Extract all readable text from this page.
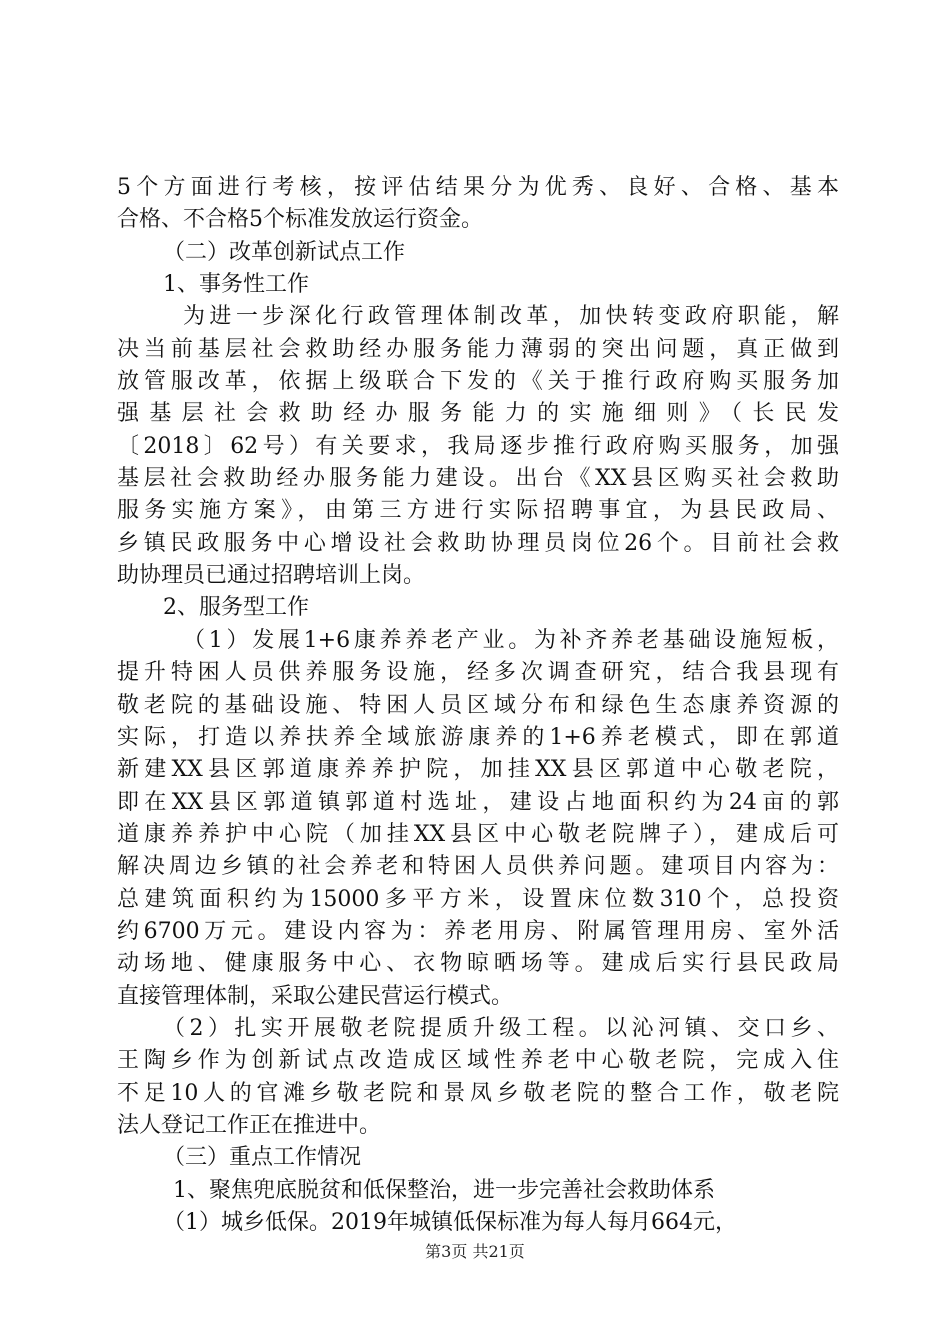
5个方面进行考核，按评估结果分为优秀、良好、合格、基本
合格、不合格5个标准发放运行资金。
（二）改革创新试点工作
1、事务性工作
为进一步深化行政管理体制改革，加快转变政府职能，解
决当前基层社会救助经办服务能力薄弱的突出问题，真正做到
放管服改革，依据上级联合下发的《关于推行政府购买服务加
强基层社会救助经办服务能力的实施细则》（长民发
〔2018〕62号）有关要求，我局逐步推行政府购买服务，加强
基层社会救助经办服务能力建设。出台《XX县区购买社会救助
服务实施方案》，由第三方进行实际招聘事宜，为县民政局、
乡镇民政服务中心增设社会救助协理员岗位26个。目前社会救
助协理员已通过招聘培训上岗。
2、服务型工作
（1）发展1+6康养养老产业。为补齐养老基础设施短板，
提升特困人员供养服务设施，经多次调查研究，结合我县现有
敬老院的基础设施、特困人员区域分布和绿色生态康养资源的
实际，打造以养扶养全域旅游康养的1+6养老模式，即在郭道
新建XX县区郭道康养养护院，加挂XX县区郭道中心敬老院，
即在XX县区郭道镇郭道村选址，建设占地面积约为24亩的郭
道康养养护中心院（加挂XX县区中心敬老院牌子），建成后可
解决周边乡镇的社会养老和特困人员供养问题。建项目内容为：
总建筑面积约为15000多平方米，设置床位数310个，总投资
约6700万元。建设内容为：养老用房、附属管理用房、室外活
动场地、健康服务中心、衣物晾晒场等。建成后实行县民政局
直接管理体制，采取公建民营运行模式。
（2）扎实开展敬老院提质升级工程。以沁河镇、交口乡、
王陶乡作为创新试点改造成区域性养老中心敬老院，完成入住
不足10人的官滩乡敬老院和景凤乡敬老院的整合工作，敬老院
法人登记工作正在推进中。
（三）重点工作情况
1、聚焦兜底脱贫和低保整治，进一步完善社会救助体系
（1）城乡低保。2019年城镇低保标准为每人每月664元，
第3页 共21页
